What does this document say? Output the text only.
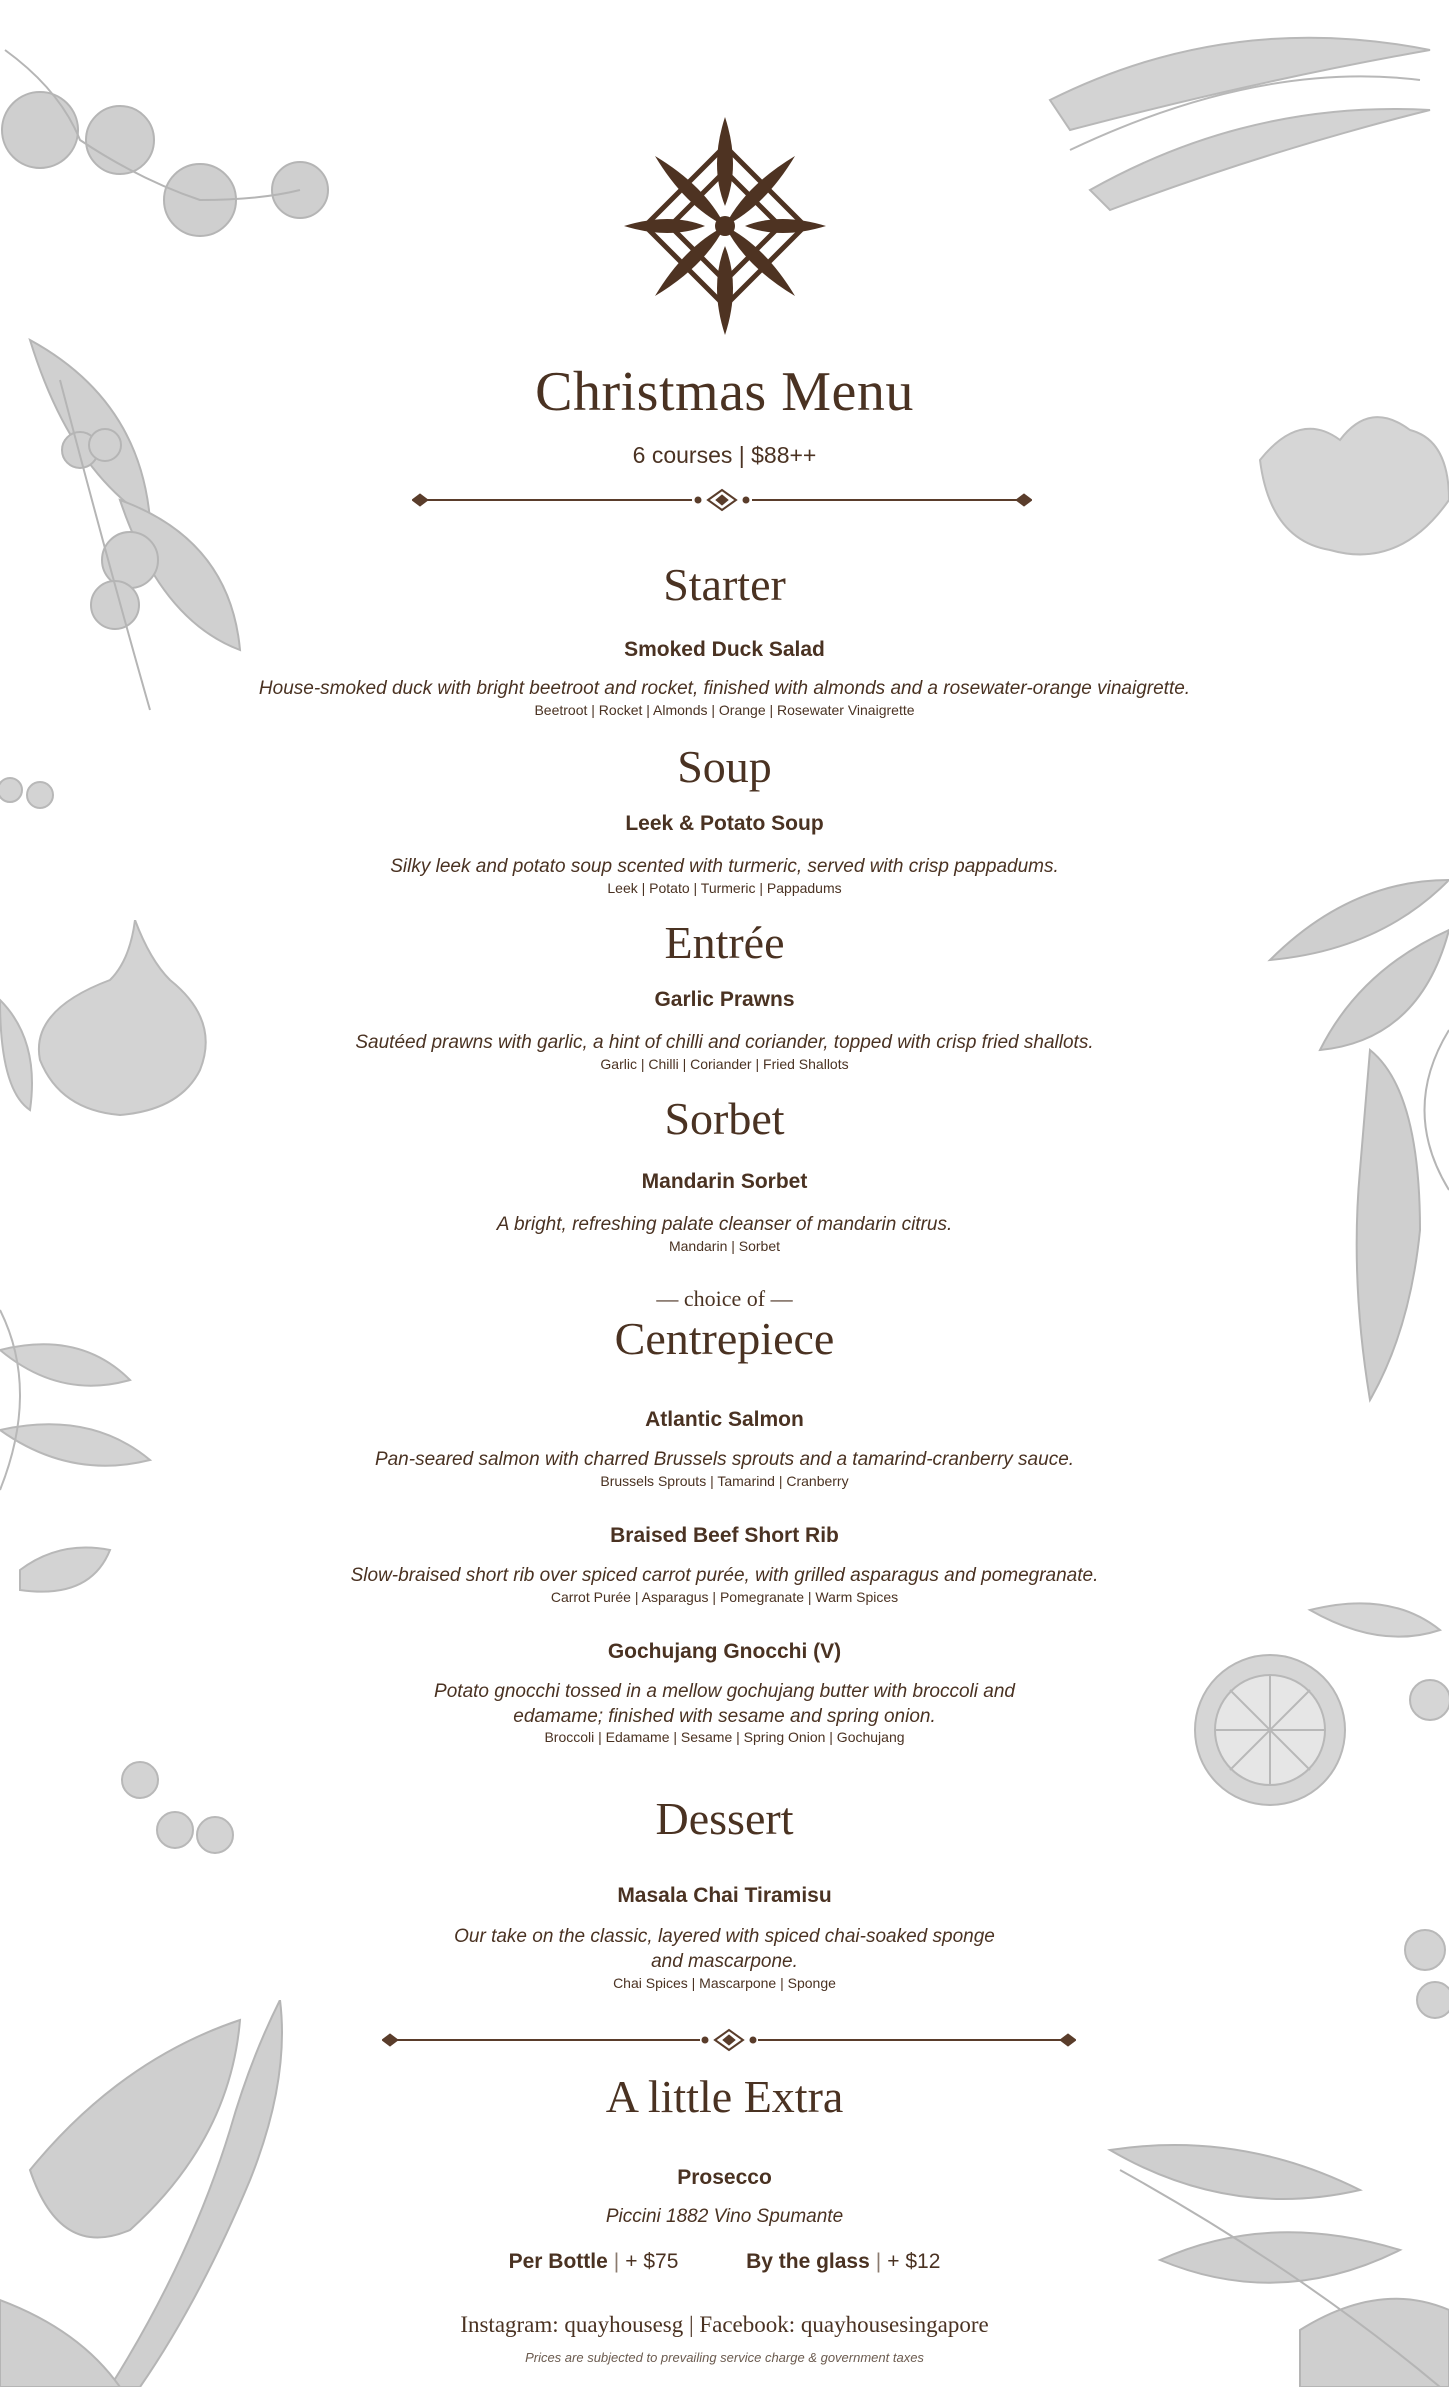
Christmas Menu
6 courses | $88++
Starter
Smoked Duck Salad
House-smoked duck with bright beetroot and rocket, finished with almonds and a rosewater-orange vinaigrette.
Beetroot | Rocket | Almonds | Orange | Rosewater Vinaigrette
Soup
Leek & Potato Soup
Silky leek and potato soup scented with turmeric, served with crisp pappadums.
Leek | Potato | Turmeric | Pappadums
Entrée
Garlic Prawns
Sautéed prawns with garlic, a hint of chilli and coriander, topped with crisp fried shallots.
Garlic | Chilli | Coriander | Fried Shallots
Sorbet
Mandarin Sorbet
A bright, refreshing palate cleanser of mandarin citrus.
Mandarin | Sorbet
— choice of —
Centrepiece
Atlantic Salmon
Pan-seared salmon with charred Brussels sprouts and a tamarind-cranberry sauce.
Brussels Sprouts | Tamarind | Cranberry
Braised Beef Short Rib
Slow-braised short rib over spiced carrot purée, with grilled asparagus and pomegranate.
Carrot Purée | Asparagus | Pomegranate | Warm Spices
Gochujang Gnocchi (V)
Potato gnocchi tossed in a mellow gochujang butter with broccoli and
edamame; finished with sesame and spring onion.
Broccoli | Edamame | Sesame | Spring Onion | Gochujang
Dessert
Masala Chai Tiramisu
Our take on the classic, layered with spiced chai-soaked sponge
and mascarpone.
Chai Spices | Mascarpone | Sponge
A little Extra
Prosecco
Piccini 1882 Vino Spumante
Per Bottle | + $75	By the glass | + $12
Instagram: quayhousesg | Facebook: quayhousesingapore
Prices are subjected to prevailing service charge & government taxes
